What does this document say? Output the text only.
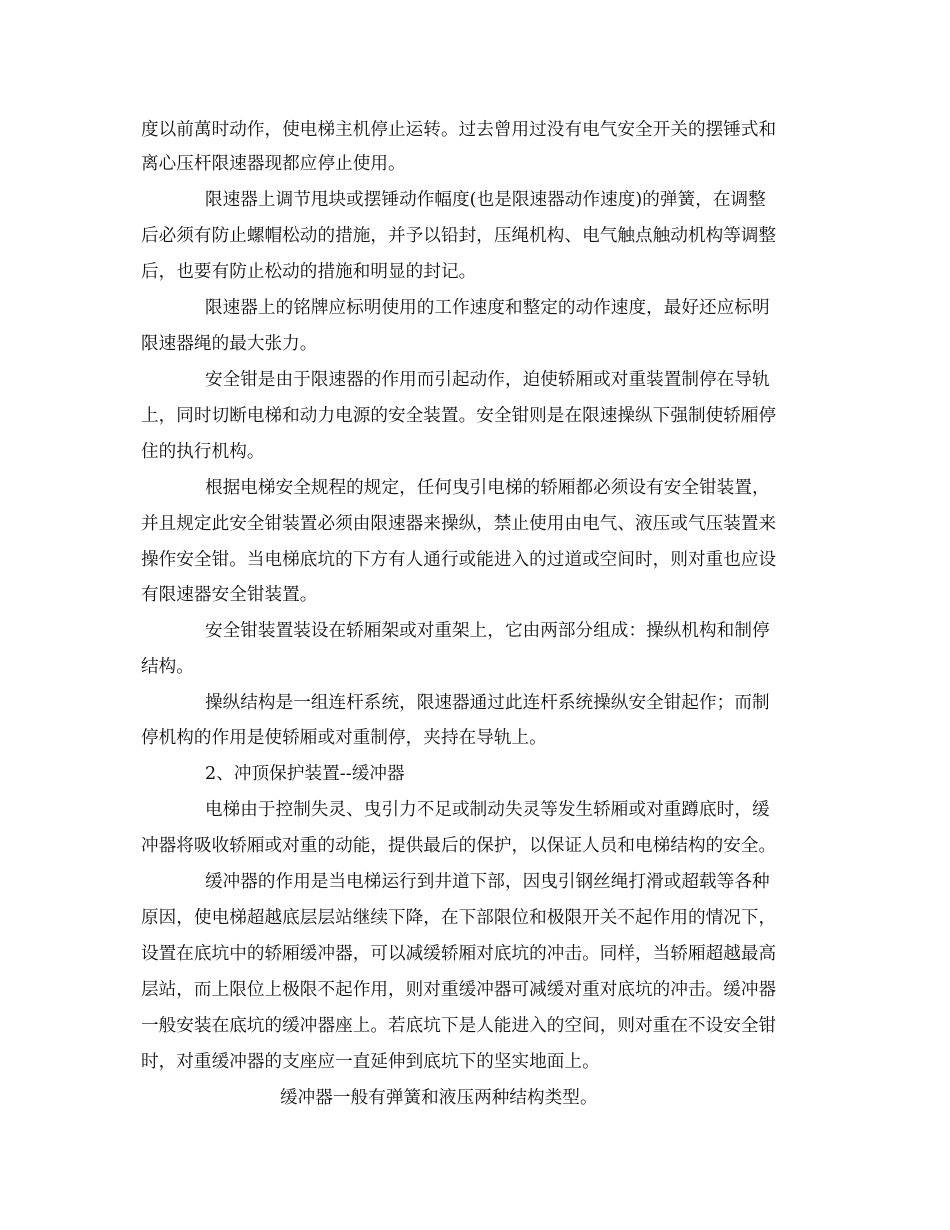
度以前萬时动作，使电梯主机停止运转。过去曾用过没有电气安全开关的摆锤式和
离心压杆限速器现都应停止使用。
限速器上调节甩块或摆锤动作幅度(也是限速器动作速度)的弹簧，在调整
后必须有防止螺帽松动的措施，并予以铅封，压绳机构、电气触点触动机构等调整
后，也要有防止松动的措施和明显的封记。
限速器上的铭牌应标明使用的工作速度和整定的动作速度，最好还应标明
限速器绳的最大张力。
安全钳是由于限速器的作用而引起动作，迫使轿厢或对重装置制停在导轨
上，同时切断电梯和动力电源的安全装置。安全钳则是在限速操纵下强制使轿厢停
住的执行机构。
根据电梯安全规程的规定，任何曳引电梯的轿厢都必须设有安全钳装置，
并且规定此安全钳装置必须由限速器来操纵，禁止使用由电气、液压或气压装置来
操作安全钳。当电梯底坑的下方有人通行或能进入的过道或空间时，则对重也应设
有限速器安全钳装置。
安全钳装置装设在轿厢架或对重架上，它由两部分组成：操纵机构和制停
结构。
操纵结构是一组连杆系统，限速器通过此连杆系统操纵安全钳起作；而制
停机构的作用是使轿厢或对重制停，夹持在导轨上。
2、冲顶保护装置--缓冲器
电梯由于控制失灵、曳引力不足或制动失灵等发生轿厢或对重蹲底时，缓
冲器将吸收轿厢或对重的动能，提供最后的保护，以保证人员和电梯结构的安全。
缓冲器的作用是当电梯运行到井道下部，因曳引钢丝绳打滑或超载等各种
原因，使电梯超越底层层站继续下降，在下部限位和极限开关不起作用的情况下，
设置在底坑中的轿厢缓冲器，可以减缓轿厢对底坑的冲击。同样，当轿厢超越最高
层站，而上限位上极限不起作用，则对重缓冲器可减缓对重对底坑的冲击。缓冲器
一般安装在底坑的缓冲器座上。若底坑下是人能进入的空间，则对重在不设安全钳
时，对重缓冲器的支座应一直延伸到底坑下的坚实地面上。
缓冲器一般有弹簧和液压两种结构类型。
